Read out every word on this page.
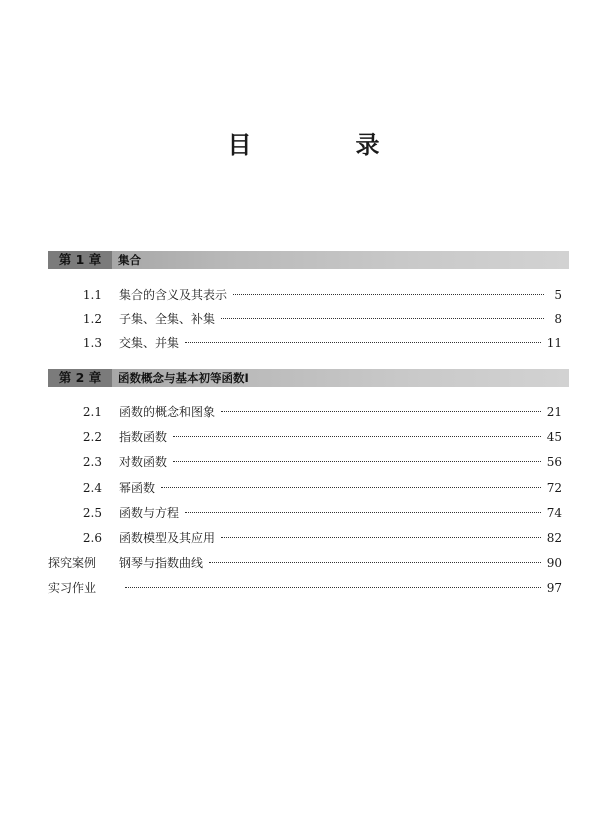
目　录
第 1 章	集合
1.1 集合的含义及其表示	5
1.2 子集、全集、补集	8
1.3 交集、并集	11
第 2 章	函数概念与基本初等函数Ⅰ
2.1 函数的概念和图象	21
2.2 指数函数	45
2.3 对数函数	56
2.4 幂函数	72
2.5 函数与方程	74
2.6 函数模型及其应用	82
探究案例	钢琴与指数曲线	90
实习作业	97
